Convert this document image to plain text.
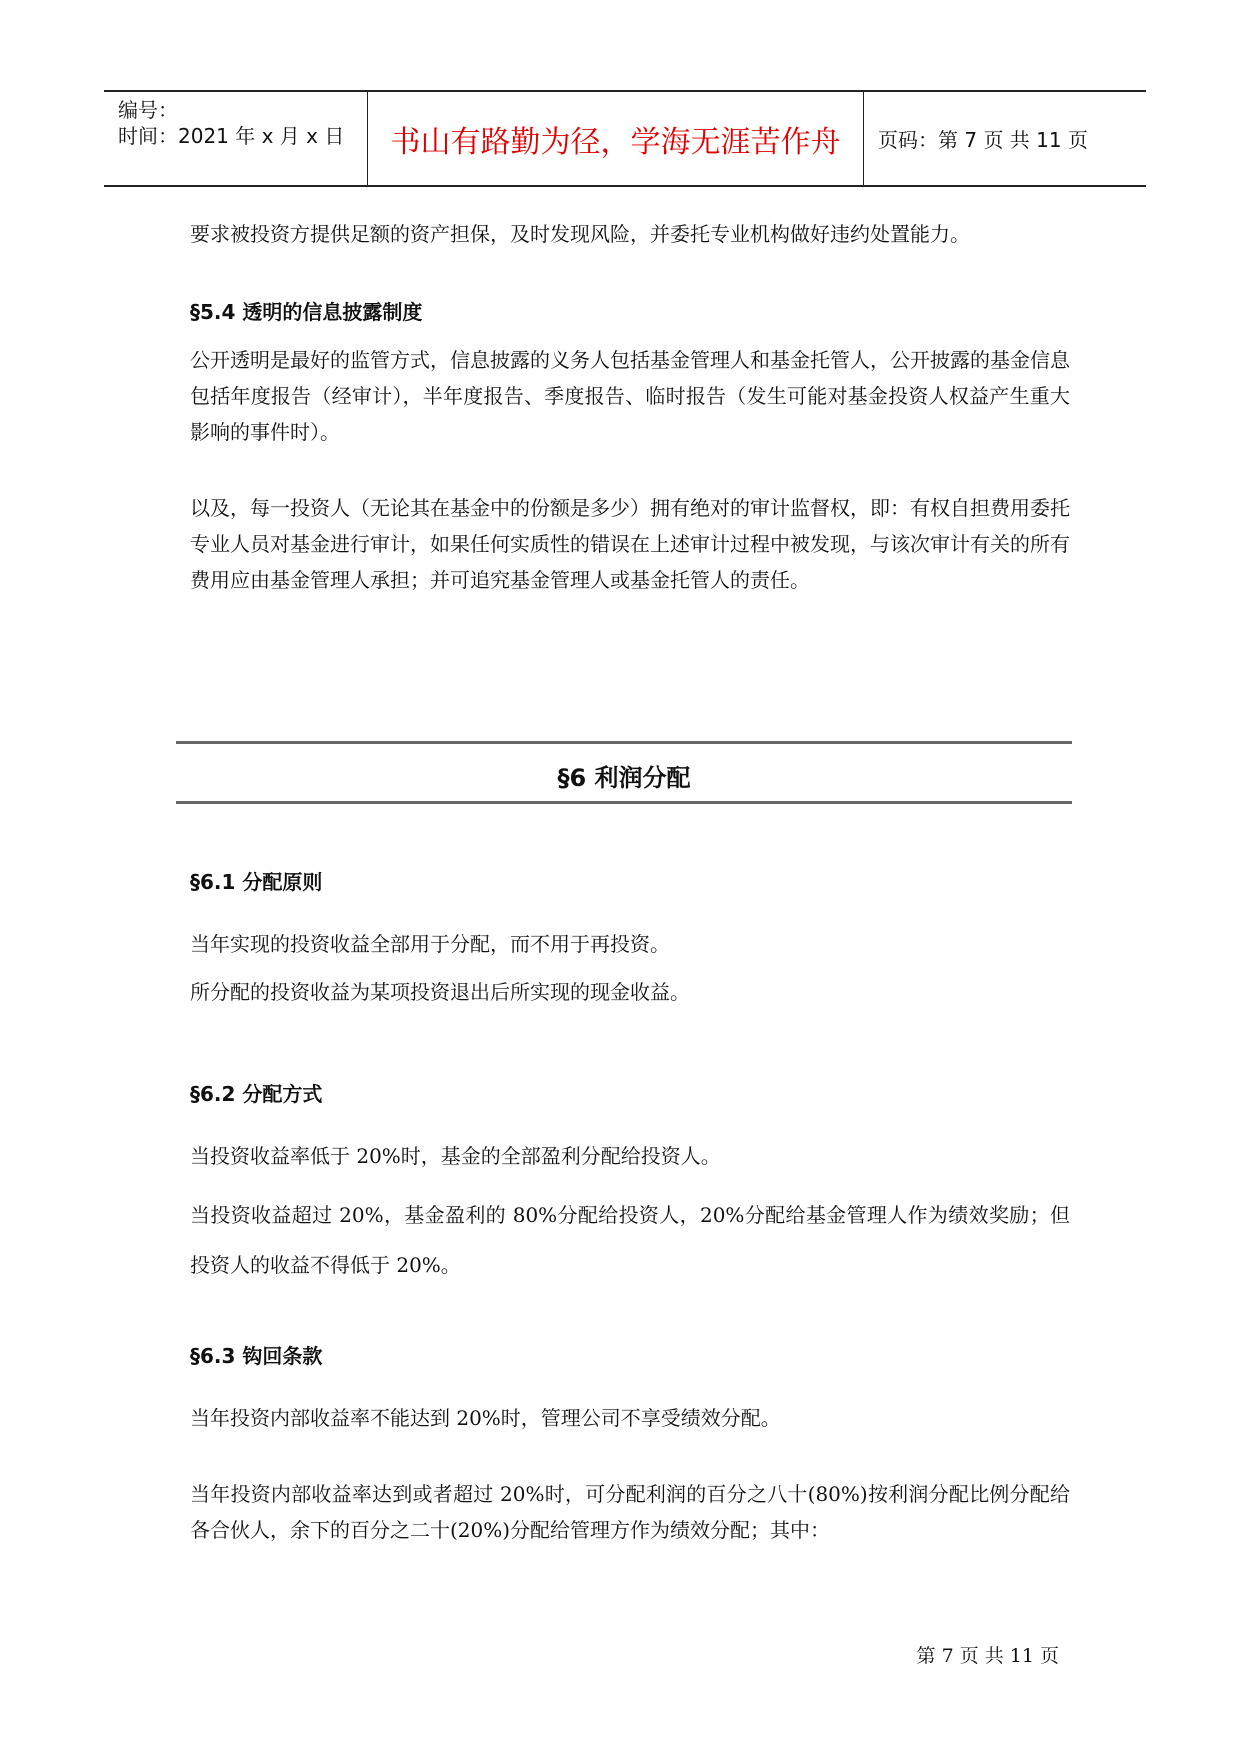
编号：
时间：2021 年 x 月 x 日 书山有路勤为径，学海无涯苦作舟 页码：第 7 页 共 11 页

要求被投资方提供足额的资产担保，及时发现风险，并委托专业机构做好违约处置能力。

§5.4 透明的信息披露制度

公开透明是最好的监管方式，信息披露的义务人包括基金管理人和基金托管人，公开披露的基金信息包括年度报告（经审计），半年度报告、季度报告、临时报告（发生可能对基金投资人权益产生重大影响的事件时）。

以及，每一投资人（无论其在基金中的份额是多少）拥有绝对的审计监督权，即：有权自担费用委托专业人员对基金进行审计，如果任何实质性的错误在上述审计过程中被发现，与该次审计有关的所有费用应由基金管理人承担；并可追究基金管理人或基金托管人的责任。

§6 利润分配
§6.1 分配原则

当年实现的投资收益全部用于分配，而不用于再投资。

所分配的投资收益为某项投资退出后所实现的现金收益。

§6.2 分配方式

当投资收益率低于 20%时，基金的全部盈利分配给投资人。

当投资收益超过 20%，基金盈利的 80%分配给投资人，20%分配给基金管理人作为绩效奖励；但投资人的收益不得低于 20%。

§6.3 钩回条款

当年投资内部收益率不能达到 20%时，管理公司不享受绩效分配。

当年投资内部收益率达到或者超过 20%时，可分配利润的百分之八十(80%)按利润分配比例分配给各合伙人，余下的百分之二十(20%)分配给管理方作为绩效分配；其中：

第 7 页 共 11 页
